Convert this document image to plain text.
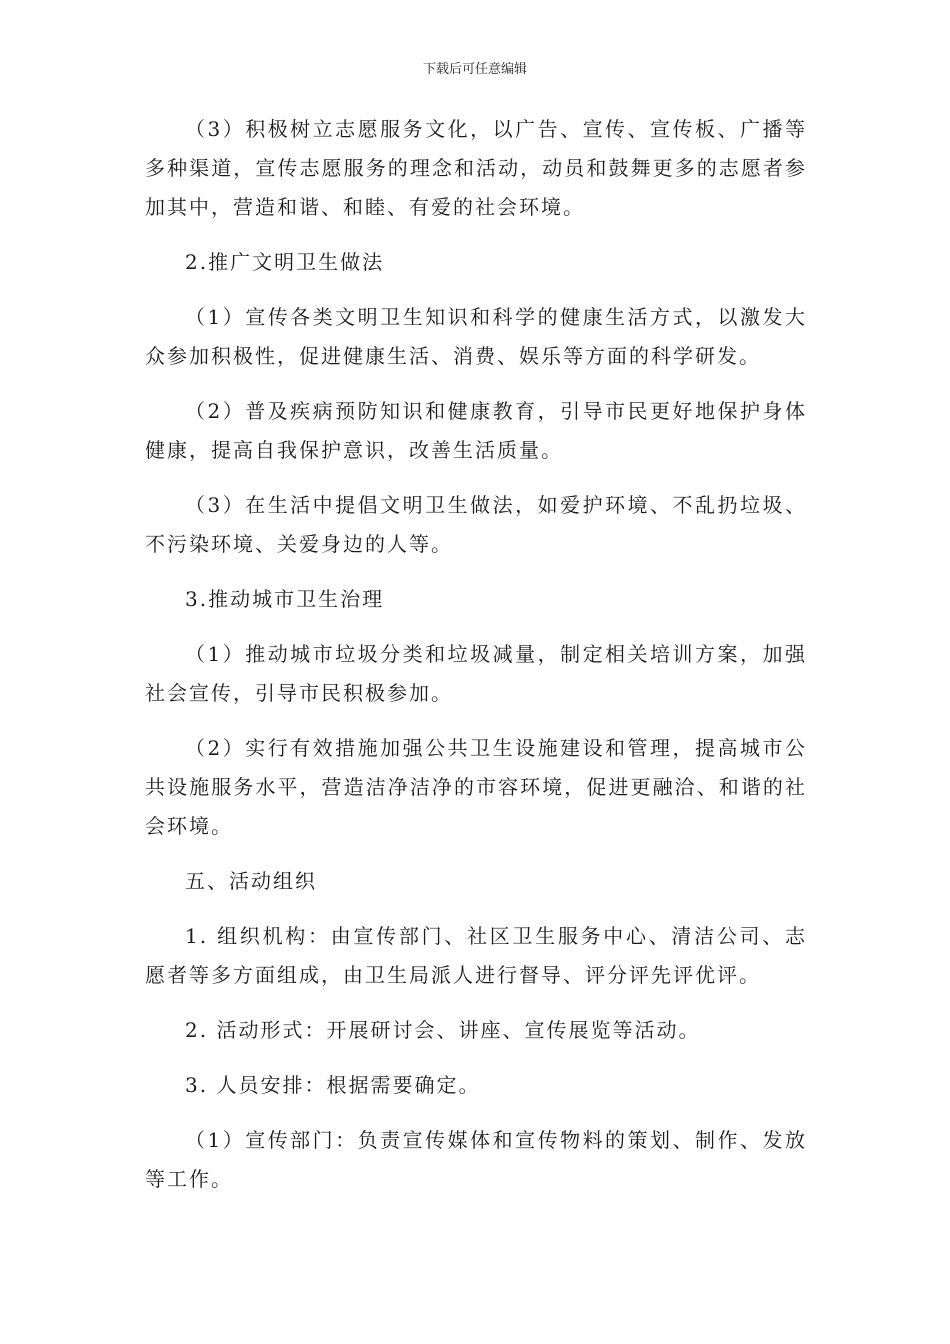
下载后可任意编辑

（3）积极树立志愿服务文化，以广告、宣传、宣传板、广播等多种渠道，宣传志愿服务的理念和活动，动员和鼓舞更多的志愿者参加其中，营造和谐、和睦、有爱的社会环境。

2.推广文明卫生做法

（1）宣传各类文明卫生知识和科学的健康生活方式，以激发大众参加积极性，促进健康生活、消费、娱乐等方面的科学研发。

（2）普及疾病预防知识和健康教育，引导市民更好地保护身体健康，提高自我保护意识，改善生活质量。

（3）在生活中提倡文明卫生做法，如爱护环境、不乱扔垃圾、不污染环境、关爱身边的人等。

3.推动城市卫生治理

（1）推动城市垃圾分类和垃圾减量，制定相关培训方案，加强社会宣传，引导市民积极参加。

（2）实行有效措施加强公共卫生设施建设和管理，提高城市公共设施服务水平，营造洁净洁净的市容环境，促进更融洽、和谐的社会环境。

五、活动组织

1. 组织机构：由宣传部门、社区卫生服务中心、清洁公司、志愿者等多方面组成，由卫生局派人进行督导、评分评先评优评。

2. 活动形式：开展研讨会、讲座、宣传展览等活动。

3. 人员安排：根据需要确定。

（1）宣传部门：负责宣传媒体和宣传物料的策划、制作、发放等工作。
